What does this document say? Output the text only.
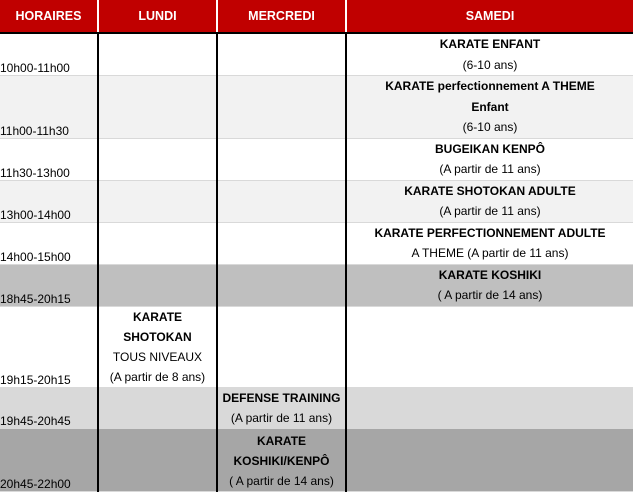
HORAIRES	LUNDI	MERCREDI	SAMEDI
10h00-11h00			KARATE ENFANT
(6-10 ans)

11h00-11h30			KARATE perfectionnement A THEME
Enfant
(6-10 ans)

11h30-13h00			BUGEIKAN KENPÔ
(A partir de 11 ans)

13h00-14h00			KARATE SHOTOKAN ADULTE
(A partir de 11 ans)

14h00-15h00			KARATE PERFECTIONNEMENT ADULTE
A THEME (A partir de 11 ans)

18h45-20h15			KARATE KOSHIKI
( A partir de 14 ans)

19h15-20h15	KARATE
SHOTOKAN
TOUS NIVEAUX
(A partir de 8 ans)		

19h45-20h45		DEFENSE TRAINING
(A partir de 11 ans)	

20h45-22h00		KARATE
KOSHIKI/KENPÔ
( A partir de 14 ans)	
